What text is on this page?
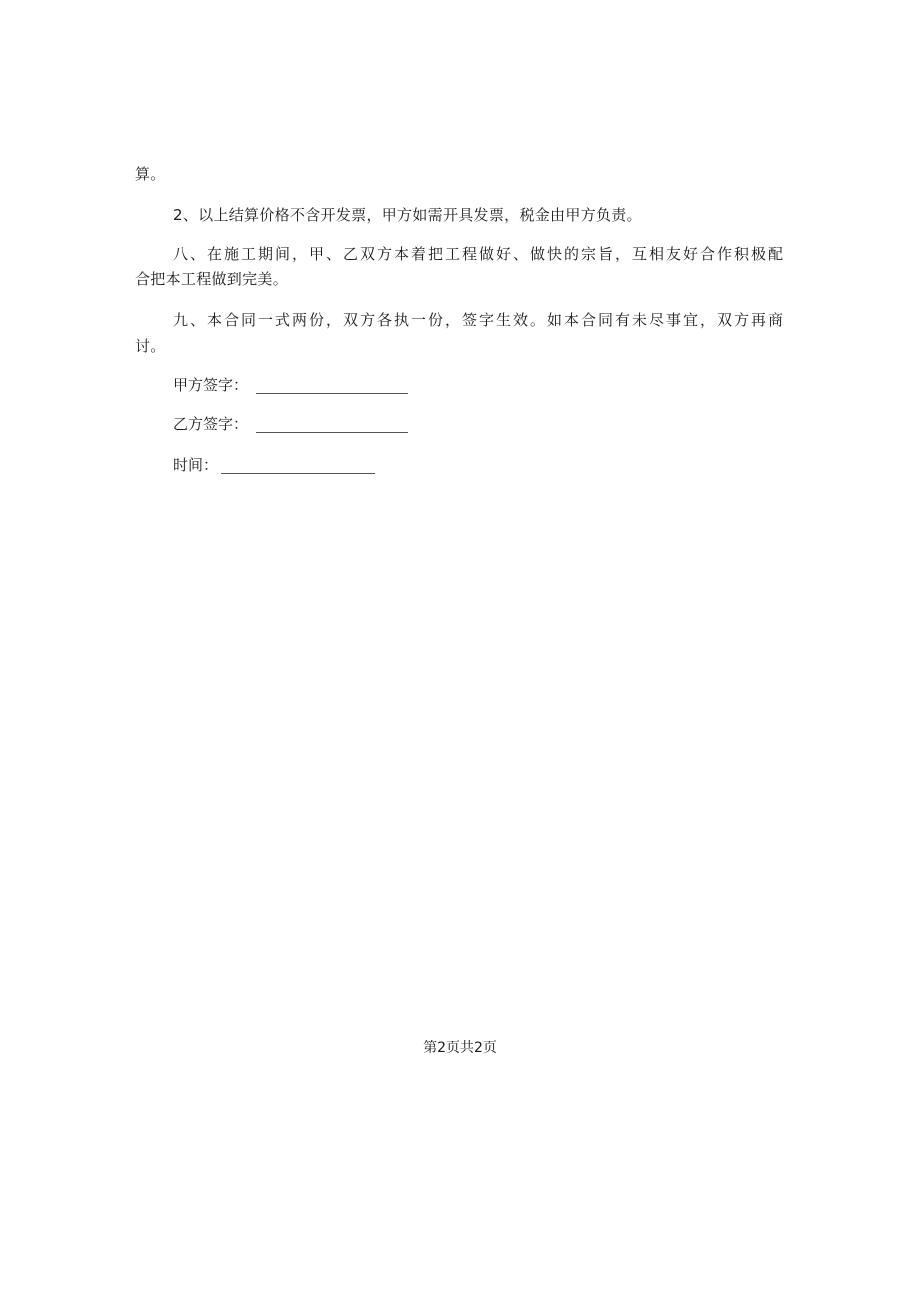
算。
2、以上结算价格不含开发票，甲方如需开具发票，税金由甲方负责。
八、在施工期间，甲、乙双方本着把工程做好、做快的宗旨，互相友好合作积极配
合把本工程做到完美。
九、本合同一式两份，双方各执一份，签字生效。如本合同有未尽事宜，双方再商
讨。
甲方签字：
乙方签字：
时间：
第2页共2页
